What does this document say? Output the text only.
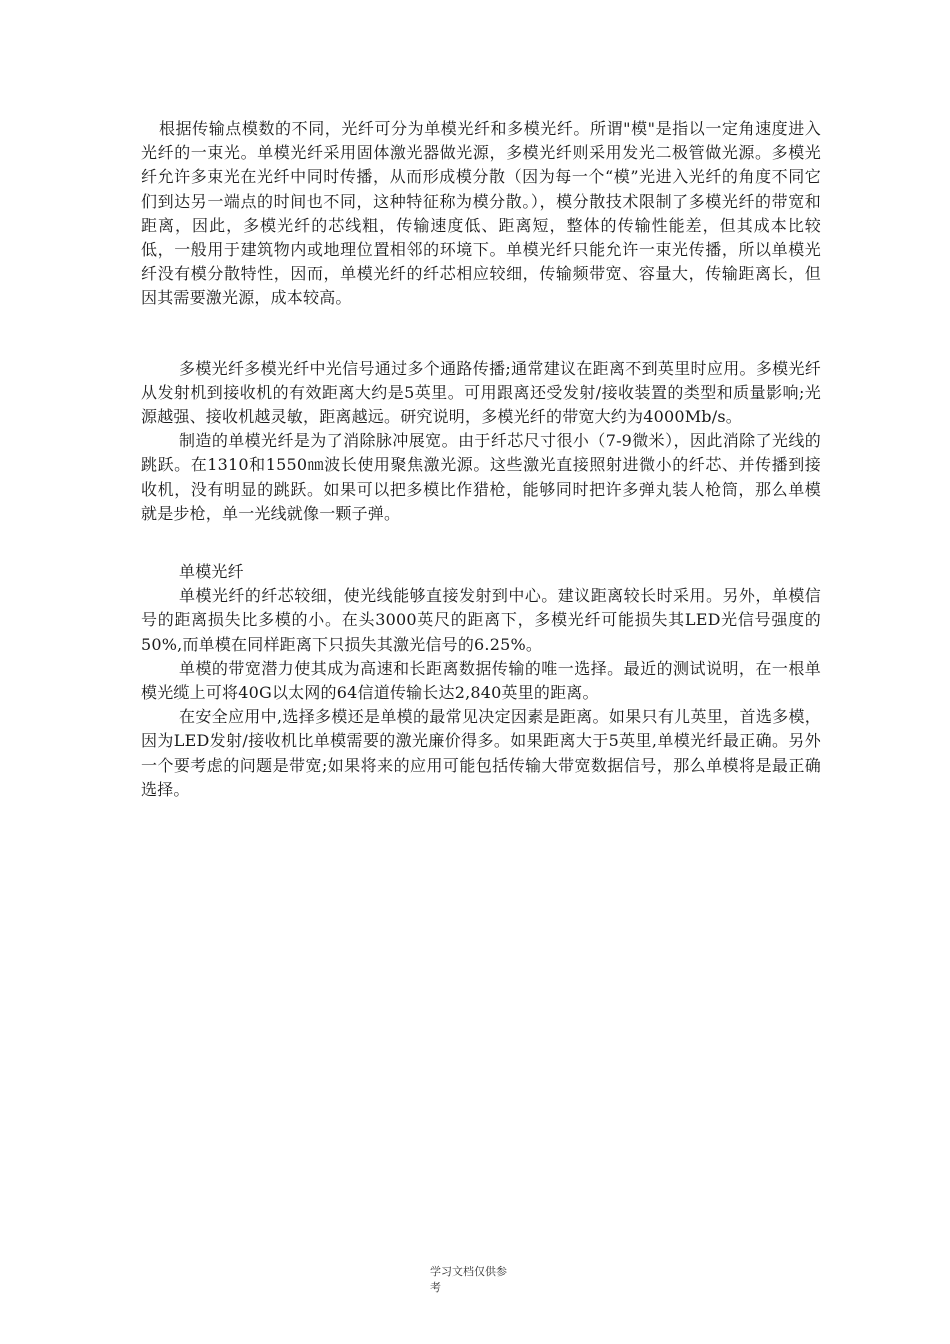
根据传输点模数的不同，光纤可分为单模光纤和多模光纤。所谓"模"是指以一定角速度进入光纤的一束光。单模光纤采用固体激光器做光源，多模光纤则采用发光二极管做光源。多模光纤允许多束光在光纤中同时传播，从而形成模分散（因为每一个“模”光进入光纤的角度不同它们到达另一端点的时间也不同，这种特征称为模分散。），模分散技术限制了多模光纤的带宽和距离，因此，多模光纤的芯线粗，传输速度低、距离短，整体的传输性能差，但其成本比较低，一般用于建筑物内或地理位置相邻的环境下。单模光纤只能允许一束光传播，所以单模光纤没有模分散特性，因而，单模光纤的纤芯相应较细，传输频带宽、容量大，传输距离长，但因其需要激光源，成本较高。

多模光纤多模光纤中光信号通过多个通路传播;通常建议在距离不到英里时应用。多模光纤从发射机到接收机的有效距离大约是5英里。可用跟离还受发射/接收装置的类型和质量影响;光源越强、接收机越灵敏，距离越远。研究说明，多模光纤的带宽大约为4000Mb/s。

制造的单模光纤是为了消除脉冲展宽。由于纤芯尺寸很小（7-9微米），因此消除了光线的跳跃。在1310和1550㎚波长使用聚焦激光源。这些激光直接照射进微小的纤芯、并传播到接收机，没有明显的跳跃。如果可以把多模比作猎枪，能够同时把许多弹丸装人枪筒，那么单模就是步枪，单一光线就像一颗子弹。

单模光纤

单模光纤的纤芯较细，使光线能够直接发射到中心。建议距离较长时采用。另外，单模信号的距离损失比多模的小。在头3000英尺的距离下，多模光纤可能损失其LED光信号强度的50%,而单模在同样距离下只损失其激光信号的6.25%。

单模的带宽潜力使其成为高速和长距离数据传输的唯一选择。最近的测试说明，在一根单模光缆上可将40G以太网的64信道传输长达2,840英里的距离。

在安全应用中,选择多模还是单模的最常见决定因素是距离。如果只有儿英里，首选多模，因为LED发射/接收机比单模需要的激光廉价得多。如果距离大于5英里,单模光纤最正确。另外一个要考虑的问题是带宽;如果将来的应用可能包括传输大带宽数据信号，那么单模将是最正确选择。

学习文档仅供参
考
